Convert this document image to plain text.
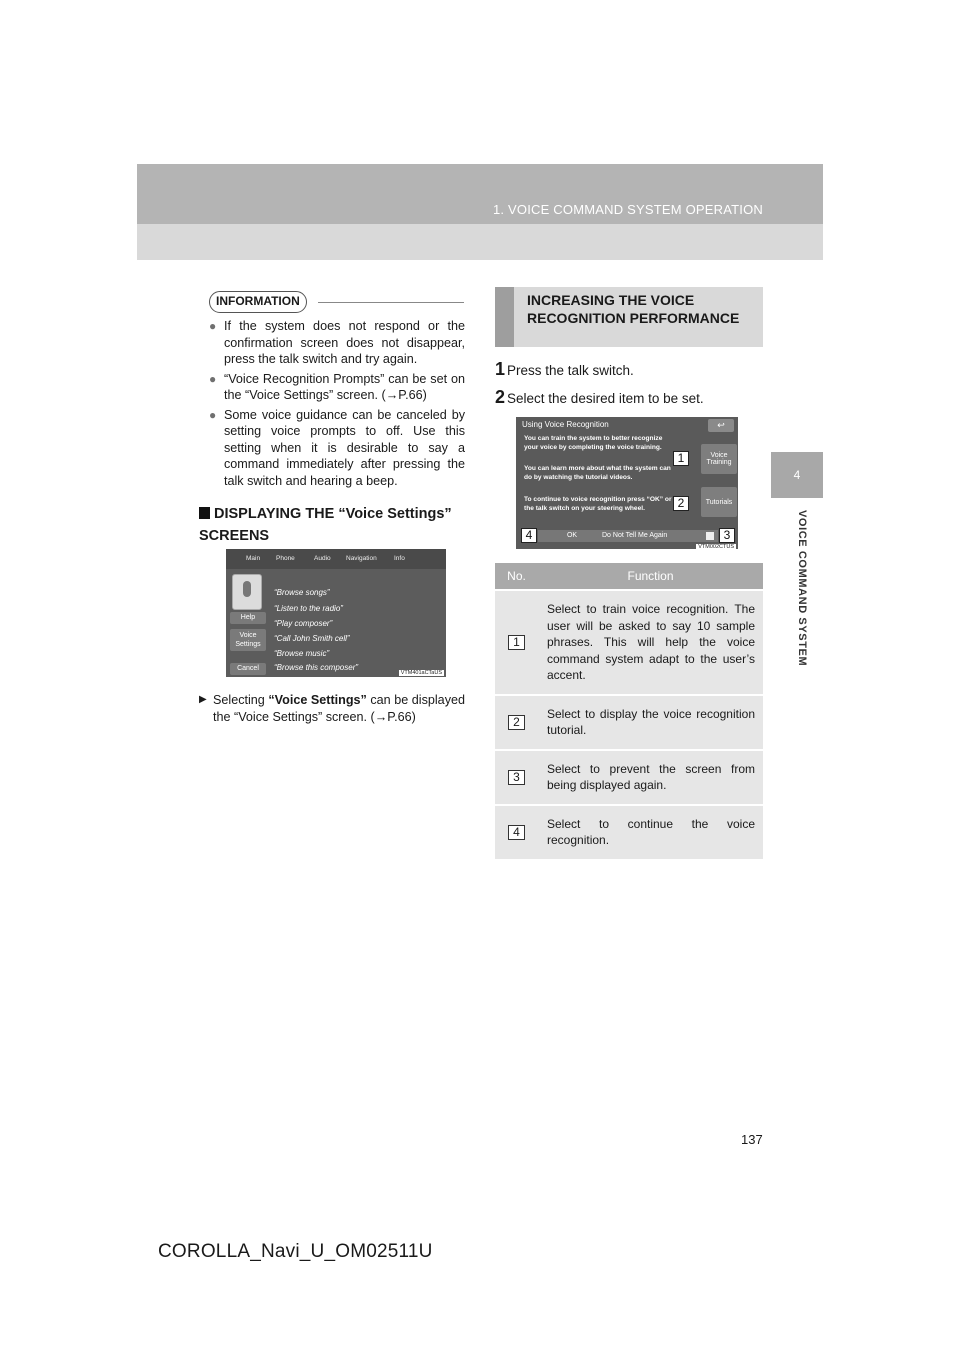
1. VOICE COMMAND SYSTEM OPERATION
4
VOICE COMMAND SYSTEM
INFORMATION
● If the system does not respond or the confirmation screen does not disappear, press the talk switch and try again.
● “Voice Recognition Prompts” can be set on the “Voice Settings” screen. (→P.66)
● Some voice guidance can be canceled by setting voice prompts to off. Use this setting when it is desirable to say a command immediately after pressing the talk switch and hearing a beep.
DISPLAYING THE “Voice Settings” SCREENS
Main Phone	Audio Navigation	Info
Help
Voice Settings
Cancel
“Browse songs”
“Listen to the radio”
“Play composer”
“Call John Smith cell”
“Browse music”
“Browse this composer”
VTM401aCTaUS
▶ Selecting “Voice Settings” can be displayed the “Voice Settings” screen. (→P.66)
INCREASING THE VOICE RECOGNITION PERFORMANCE
1 Press the talk switch.
2 Select the desired item to be set.
Using Voice Recognition	↩
You can train the system to better recognize your voice by completing the voice training.
You can learn more about what the system can do by watching the tutorial videos.
To continue to voice recognition press “OK” or the talk switch on your steering wheel.
Voice Training
Tutorials
OK	Do Not Tell Me Again
1
2
3
4
VTM002CTUS
No.	Function
1	Select to train voice recognition. The user will be asked to say 10 sample phrases. This will help the voice command system adapt to the user’s accent.
2	Select to display the voice recognition tutorial.
3	Select to prevent the screen from being displayed again.
4	Select to continue the voice recognition.
137
COROLLA_Navi_U_OM02511U
